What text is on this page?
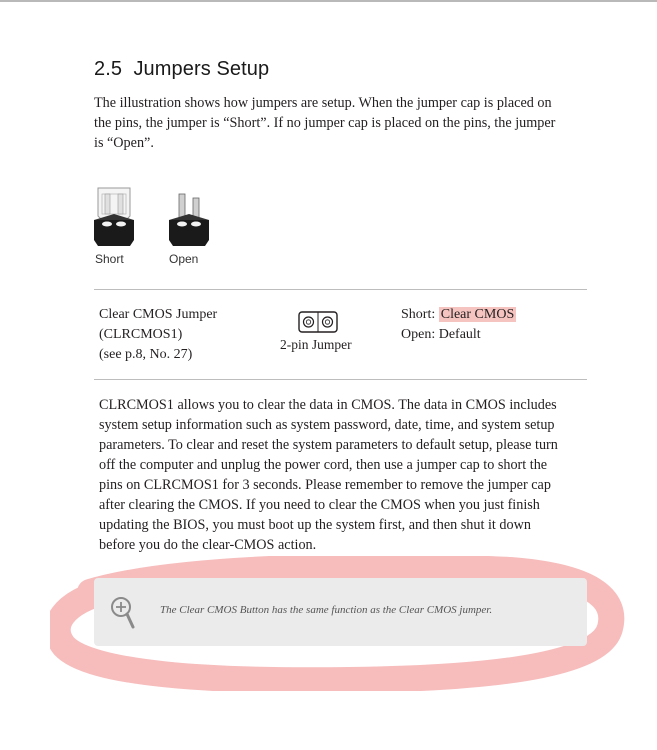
2.5 Jumpers Setup

The illustration shows how jumpers are setup. When the jumper cap is placed on the pins, the jumper is “Short”. If no jumper cap is placed on the pins, the jumper is “Open”.

Short	Open
Clear CMOS Jumper
(CLRCMOS1)
(see p.8, No. 27)
2-pin Jumper
Short: Clear CMOS
Open: Default

CLRCMOS1 allows you to clear the data in CMOS. The data in CMOS includes system setup information such as system password, date, time, and system setup parameters. To clear and reset the system parameters to default setup, please turn off the computer and unplug the power cord, then use a jumper cap to short the pins on CLRCMOS1 for 3 seconds. Please remember to remove the jumper cap after clearing the CMOS. If you need to clear the CMOS when you just finish updating the BIOS, you must boot up the system first, and then shut it down before you do the clear-CMOS action.

The Clear CMOS Button has the same function as the Clear CMOS jumper.
